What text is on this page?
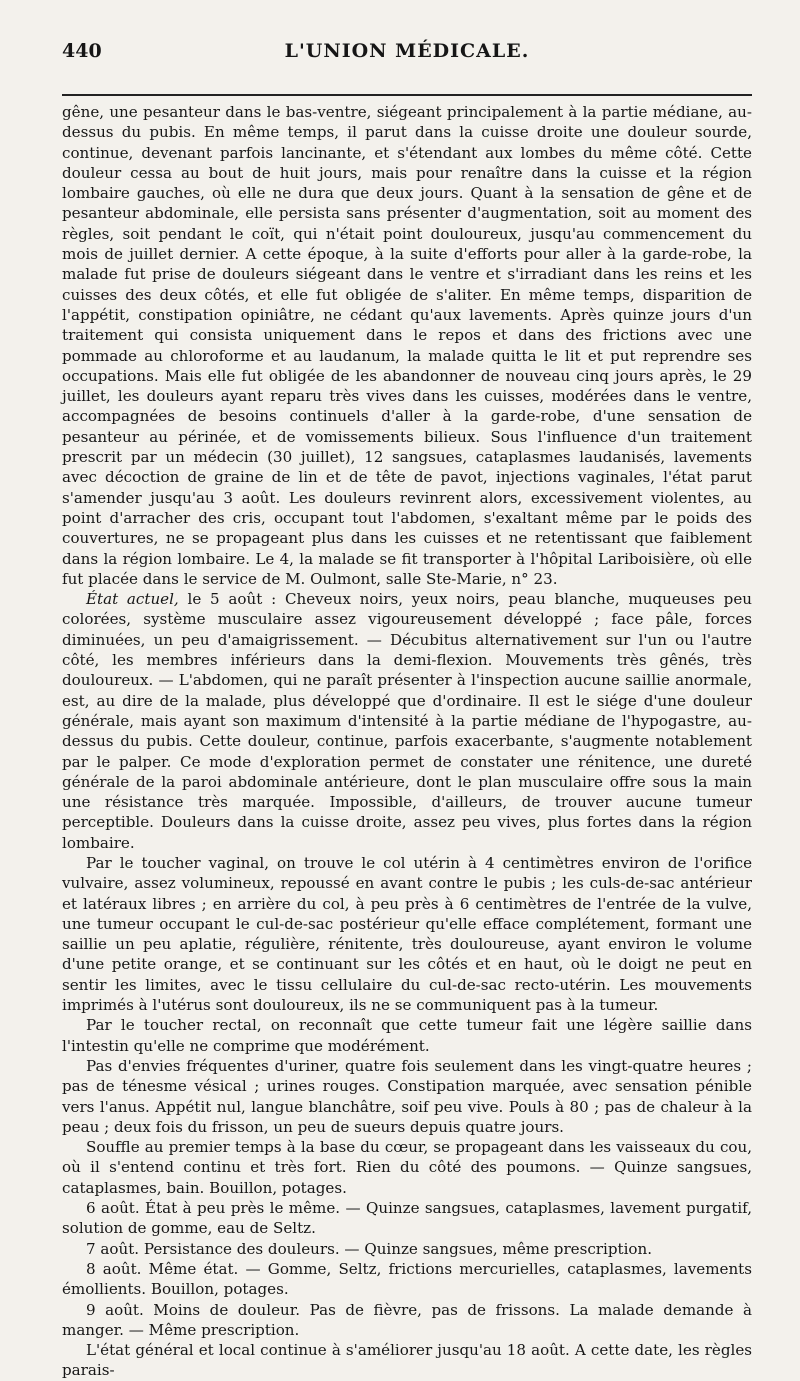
440	L'UNION MÉDICALE.

gêne, une pesanteur dans le bas-ventre, siégeant principalement à la partie médiane, au-dessus du pubis. En même temps, il parut dans la cuisse droite une douleur sourde, continue, devenant parfois lancinante, et s'étendant aux lombes du même côté. Cette douleur cessa au bout de huit jours, mais pour renaître dans la cuisse et la région lombaire gauches, où elle ne dura que deux jours. Quant à la sensation de gêne et de pesanteur abdominale, elle persista sans présenter d'augmentation, soit au moment des règles, soit pendant le coït, qui n'était point douloureux, jusqu'au commencement du mois de juillet dernier. A cette époque, à la suite d'efforts pour aller à la garde-robe, la malade fut prise de douleurs siégeant dans le ventre et s'irradiant dans les reins et les cuisses des deux côtés, et elle fut obligée de s'aliter. En même temps, disparition de l'appétit, constipation opiniâtre, ne cédant qu'aux lavements. Après quinze jours d'un traitement qui consista uniquement dans le repos et dans des frictions avec une pommade au chloroforme et au laudanum, la malade quitta le lit et put reprendre ses occupations. Mais elle fut obligée de les abandonner de nouveau cinq jours après, le 29 juillet, les douleurs ayant reparu très vives dans les cuisses, modérées dans le ventre, accompagnées de besoins continuels d'aller à la garde-robe, d'une sensation de pesanteur au périnée, et de vomissements bilieux. Sous l'influence d'un traitement prescrit par un médecin (30 juillet), 12 sangsues, cataplasmes laudanisés, lavements avec décoction de graine de lin et de tête de pavot, injections vaginales, l'état parut s'amender jusqu'au 3 août. Les douleurs revinrent alors, excessivement violentes, au point d'arracher des cris, occupant tout l'abdomen, s'exaltant même par le poids des couvertures, ne se propageant plus dans les cuisses et ne retentissant que faiblement dans la région lombaire. Le 4, la malade se fit transporter à l'hôpital Lariboisière, où elle fut placée dans le service de M. Oulmont, salle Ste-Marie, n° 23.

État actuel, le 5 août : Cheveux noirs, yeux noirs, peau blanche, muqueuses peu colorées, système musculaire assez vigoureusement développé ; face pâle, forces diminuées, un peu d'amaigrissement. — Décubitus alternativement sur l'un ou l'autre côté, les membres inférieurs dans la demi-flexion. Mouvements très gênés, très douloureux. — L'abdomen, qui ne paraît présenter à l'inspection aucune saillie anormale, est, au dire de la malade, plus développé que d'ordinaire. Il est le siége d'une douleur générale, mais ayant son maximum d'intensité à la partie médiane de l'hypogastre, au-dessus du pubis. Cette douleur, continue, parfois exacerbante, s'augmente notablement par le palper. Ce mode d'exploration permet de constater une rénitence, une dureté générale de la paroi abdominale antérieure, dont le plan musculaire offre sous la main une résistance très marquée. Impossible, d'ailleurs, de trouver aucune tumeur perceptible. Douleurs dans la cuisse droite, assez peu vives, plus fortes dans la région lombaire.

Par le toucher vaginal, on trouve le col utérin à 4 centimètres environ de l'orifice vulvaire, assez volumineux, repoussé en avant contre le pubis ; les culs-de-sac antérieur et latéraux libres ; en arrière du col, à peu près à 6 centimètres de l'entrée de la vulve, une tumeur occupant le cul-de-sac postérieur qu'elle efface complétement, formant une saillie un peu aplatie, régulière, rénitente, très douloureuse, ayant environ le volume d'une petite orange, et se continuant sur les côtés et en haut, où le doigt ne peut en sentir les limites, avec le tissu cellulaire du cul-de-sac recto-utérin. Les mouvements imprimés à l'utérus sont douloureux, ils ne se communiquent pas à la tumeur.

Par le toucher rectal, on reconnaît que cette tumeur fait une légère saillie dans l'intestin qu'elle ne comprime que modérément.

Pas d'envies fréquentes d'uriner, quatre fois seulement dans les vingt-quatre heures ; pas de ténesme vésical ; urines rouges. Constipation marquée, avec sensation pénible vers l'anus. Appétit nul, langue blanchâtre, soif peu vive. Pouls à 80 ; pas de chaleur à la peau ; deux fois du frisson, un peu de sueurs depuis quatre jours.

Souffle au premier temps à la base du cœur, se propageant dans les vaisseaux du cou, où il s'entend continu et très fort. Rien du côté des poumons. — Quinze sangsues, cataplasmes, bain. Bouillon, potages.

6 août. État à peu près le même. — Quinze sangsues, cataplasmes, lavement purgatif, solution de gomme, eau de Seltz.

7 août. Persistance des douleurs. — Quinze sangsues, même prescription.

8 août. Même état. — Gomme, Seltz, frictions mercurielles, cataplasmes, lavements émollients. Bouillon, potages.

9 août. Moins de douleur. Pas de fièvre, pas de frissons. La malade demande à manger. — Même prescription.

L'état général et local continue à s'améliorer jusqu'au 18 août. A cette date, les règles parais-
